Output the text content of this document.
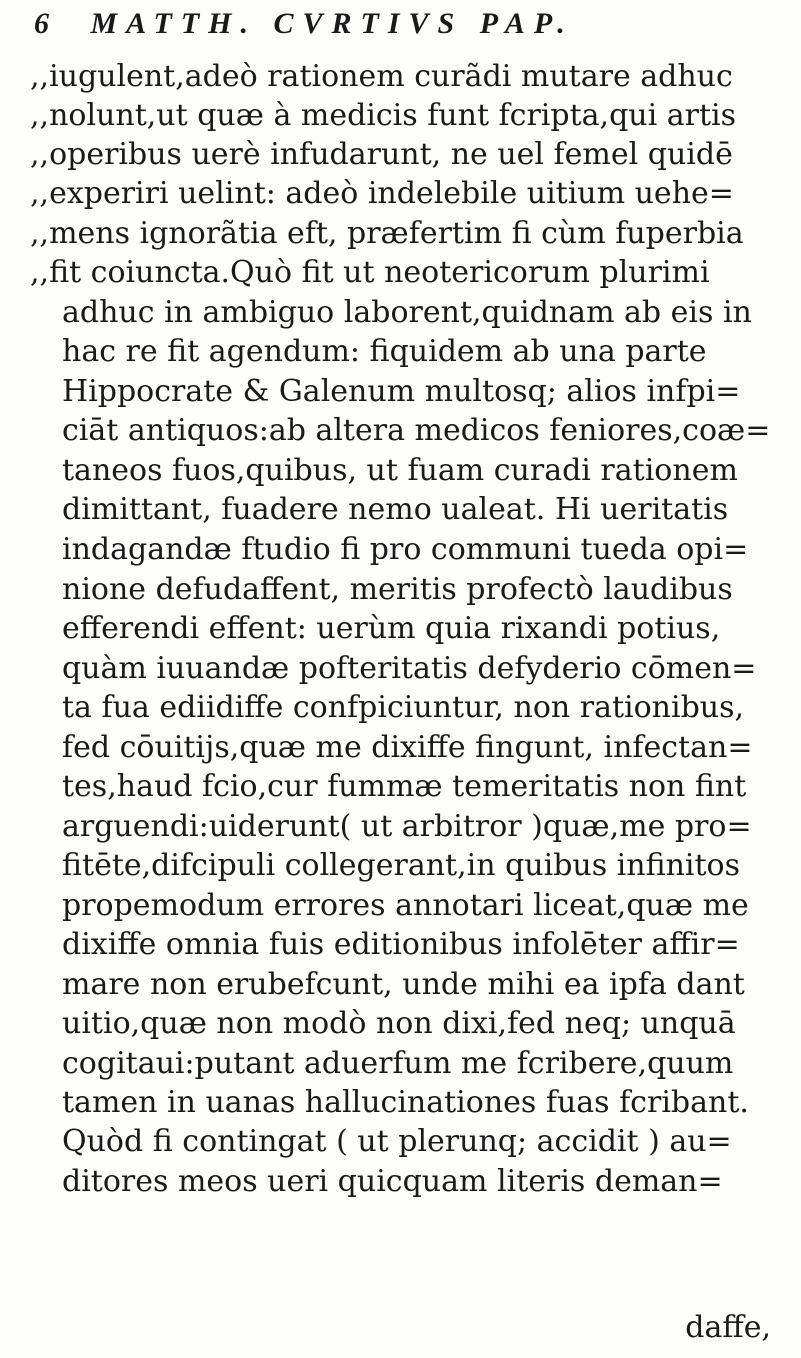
6 MATTH. CVRTIVS PAP.
,,iugulent,adeò rationem curãdi mutare adhuc
,,nolunt,ut quæ à medicis funt fcripta,qui artis
,,operibus uerè infudarunt, ne uel femel quidē
,,experiri uelint: adeò indelebile uitium uehe=
,,mens ignorãtia eft, præfertim fi cùm fuperbia
,,fit coiuncta.Quò fit ut neotericorum plurimi
adhuc in ambiguo laborent,quidnam ab eis in
hac re fit agendum: fiquidem ab una parte
Hippocrate & Galenum multosq; alios infpi=
ciāt antiquos:ab altera medicos feniores,coæ=
taneos fuos,quibus, ut fuam curadi rationem
dimittant, fuadere nemo ualeat. Hi ueritatis
indagandæ ftudio fi pro communi tueda opi=
nione defudaffent, meritis profectò laudibus
efferendi effent: uerùm quia rixandi potius,
quàm iuuandæ pofteritatis defyderio cōmen=
ta fua ediidiffe confpiciuntur, non rationibus,
fed cōuitijs,quæ me dixiffe fingunt, infectan=
tes,haud fcio,cur fummæ temeritatis non fint
arguendi:uiderunt( ut arbitror )quæ,me pro=
fitēte,difcipuli collegerant,in quibus infinitos
propemodum errores annotari liceat,quæ me
dixiffe omnia fuis editionibus infolēter affir=
mare non erubefcunt, unde mihi ea ipfa dant
uitio,quæ non modò non dixi,fed neq; unquā
cogitaui:putant aduerfum me fcribere,quum
tamen in uanas hallucinationes fuas fcribant.
Quòd fi contingat ( ut plerunq; accidit ) au=
ditores meos ueri quicquam literis deman=
daffe,
